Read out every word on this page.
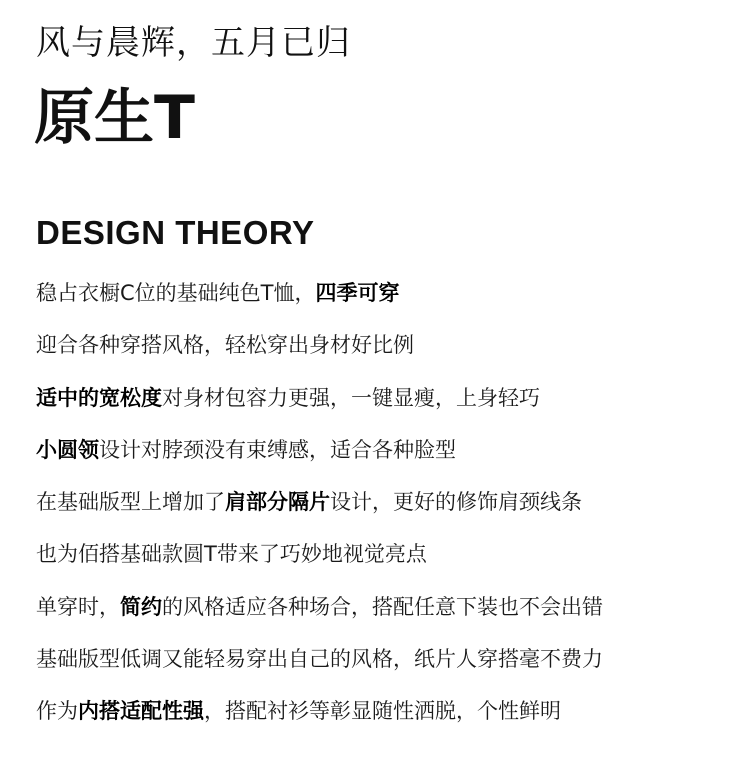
风与晨辉，五月已归
原生T
DESIGN THEORY
稳占衣橱C位的基础纯色T恤，四季可穿
迎合各种穿搭风格，轻松穿出身材好比例
适中的宽松度对身材包容力更强，一键显瘦，上身轻巧
小圆领设计对脖颈没有束缚感，适合各种脸型
在基础版型上增加了肩部分隔片设计，更好的修饰肩颈线条
也为佰搭基础款圆T带来了巧妙地视觉亮点
单穿时，简约的风格适应各种场合，搭配任意下装也不会出错
基础版型低调又能轻易穿出自己的风格，纸片人穿搭毫不费力
作为内搭适配性强，搭配衬衫等彰显随性洒脱，个性鲜明
